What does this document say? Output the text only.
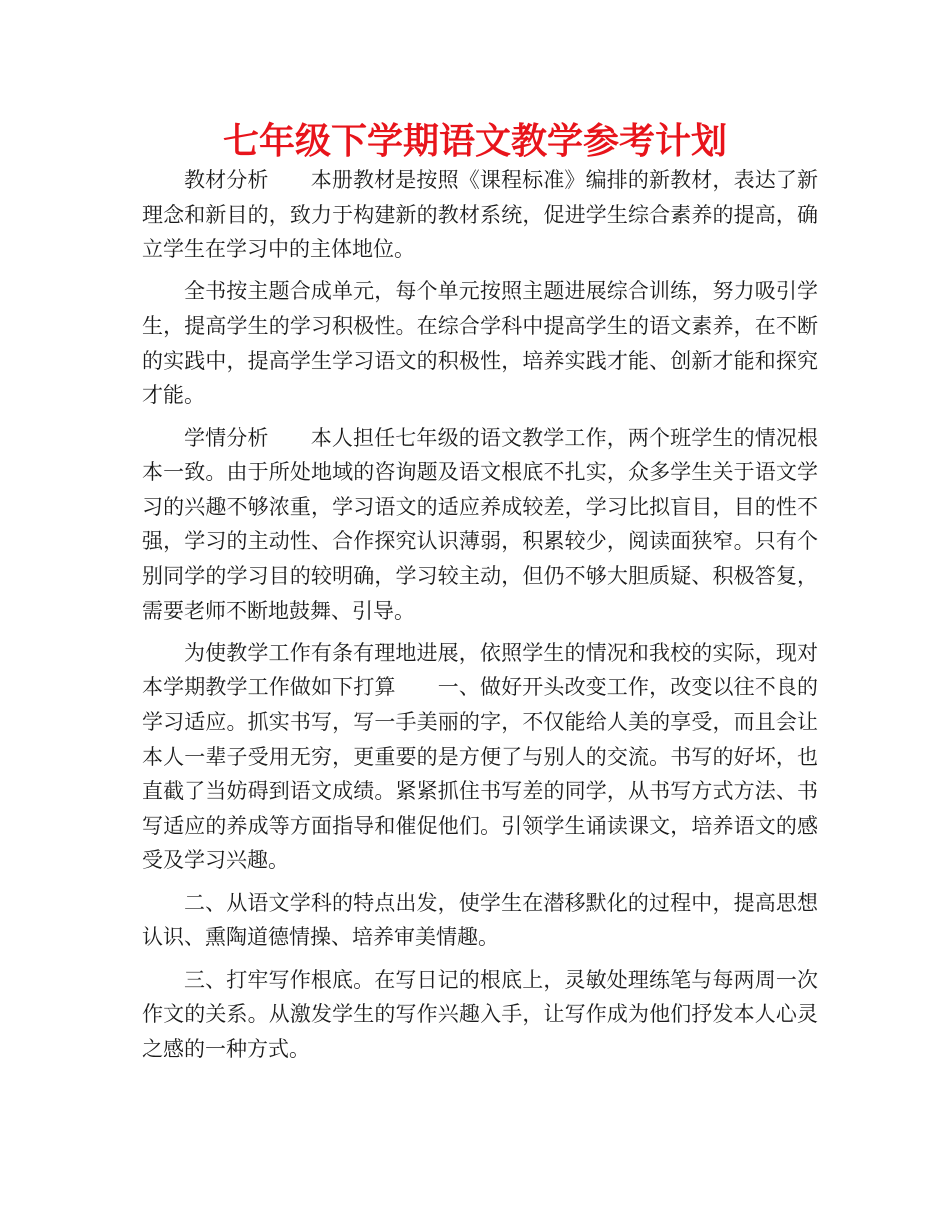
七年级下学期语文教学参考计划

教材分析 本册教材是按照《课程标准》编排的新教材，表达了新理念和新目的，致力于构建新的教材系统，促进学生综合素养的提高，确立学生在学习中的主体地位。

全书按主题合成单元，每个单元按照主题进展综合训练，努力吸引学生，提高学生的学习积极性。在综合学科中提高学生的语文素养，在不断的实践中，提高学生学习语文的积极性，培养实践才能、创新才能和探究才能。

学情分析 本人担任七年级的语文教学工作，两个班学生的情况根本一致。由于所处地域的咨询题及语文根底不扎实，众多学生关于语文学习的兴趣不够浓重，学习语文的适应养成较差，学习比拟盲目，目的性不强，学习的主动性、合作探究认识薄弱，积累较少，阅读面狭窄。只有个别同学的学习目的较明确，学习较主动，但仍不够大胆质疑、积极答复，需要老师不断地鼓舞、引导。

为使教学工作有条有理地进展，依照学生的情况和我校的实际，现对本学期教学工作做如下打算 一、做好开头改变工作，改变以往不良的学习适应。抓实书写，写一手美丽的字，不仅能给人美的享受，而且会让本人一辈子受用无穷，更重要的是方便了与别人的交流。书写的好坏，也直截了当妨碍到语文成绩。紧紧抓住书写差的同学，从书写方式方法、书写适应的养成等方面指导和催促他们。引领学生诵读课文，培养语文的感受及学习兴趣。

二、从语文学科的特点出发，使学生在潜移默化的过程中，提高思想认识、熏陶道德情操、培养审美情趣。

三、打牢写作根底。在写日记的根底上，灵敏处理练笔与每两周一次作文的关系。从激发学生的写作兴趣入手，让写作成为他们抒发本人心灵之感的一种方式。
